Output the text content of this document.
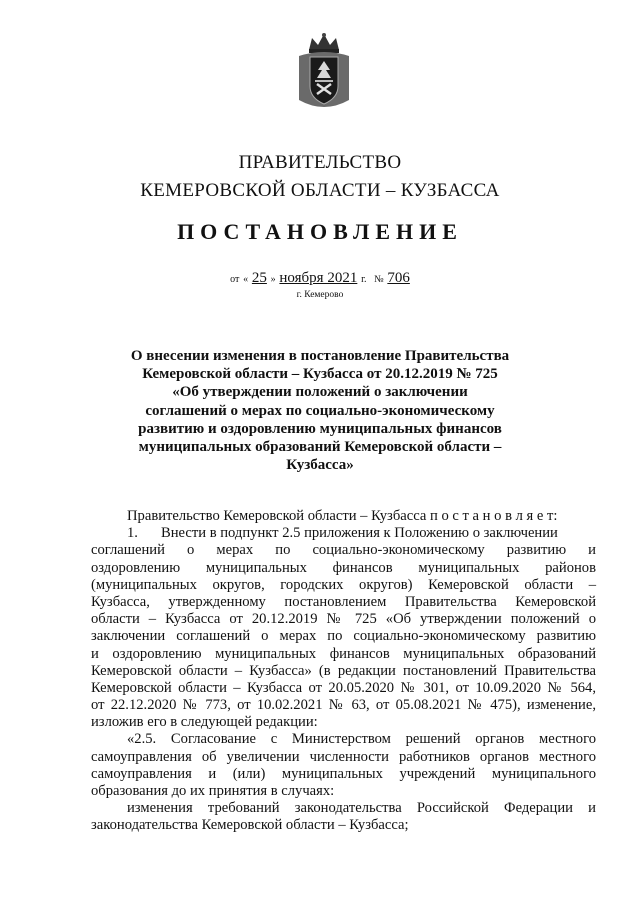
ПРАВИТЕЛЬСТВО
КЕМЕРОВСКОЙ ОБЛАСТИ – КУЗБАССА
ПОСТАНОВЛЕНИЕ
от « 25 » ноября 2021 г. № 706
г. Кемерово
О внесении изменения в постановление Правительства
Кемеровской области – Кузбасса от 20.12.2019 № 725
«Об утверждении положений о заключении
соглашений о мерах по социально-экономическому
развитию и оздоровлению муниципальных финансов
муниципальных образований Кемеровской области –
Кузбасса»
Правительство Кемеровской области – Кузбасса п о с т а н о в л я е т:
1. Внести в подпункт 2.5 приложения к Положению о заключении
соглашений о мерах по социально-экономическому развитию и
оздоровлению муниципальных финансов муниципальных районов
(муниципальных округов, городских округов) Кемеровской области –
Кузбасса, утвержденному постановлением Правительства Кемеровской
области – Кузбасса от 20.12.2019 № 725 «Об утверждении положений о
заключении соглашений о мерах по социально-экономическому развитию
и оздоровлению муниципальных финансов муниципальных образований
Кемеровской области – Кузбасса» (в редакции постановлений Правительства
Кемеровской области – Кузбасса от 20.05.2020 № 301, от 10.09.2020 № 564,
от 22.12.2020 № 773, от 10.02.2021 № 63, от 05.08.2021 № 475), изменение,
изложив его в следующей редакции:
«2.5. Согласование с Министерством решений органов местного
самоуправления об увеличении численности работников органов местного
самоуправления и (или) муниципальных учреждений муниципального
образования до их принятия в случаях:
изменения требований законодательства Российской Федерации и
законодательства Кемеровской области – Кузбасса;
